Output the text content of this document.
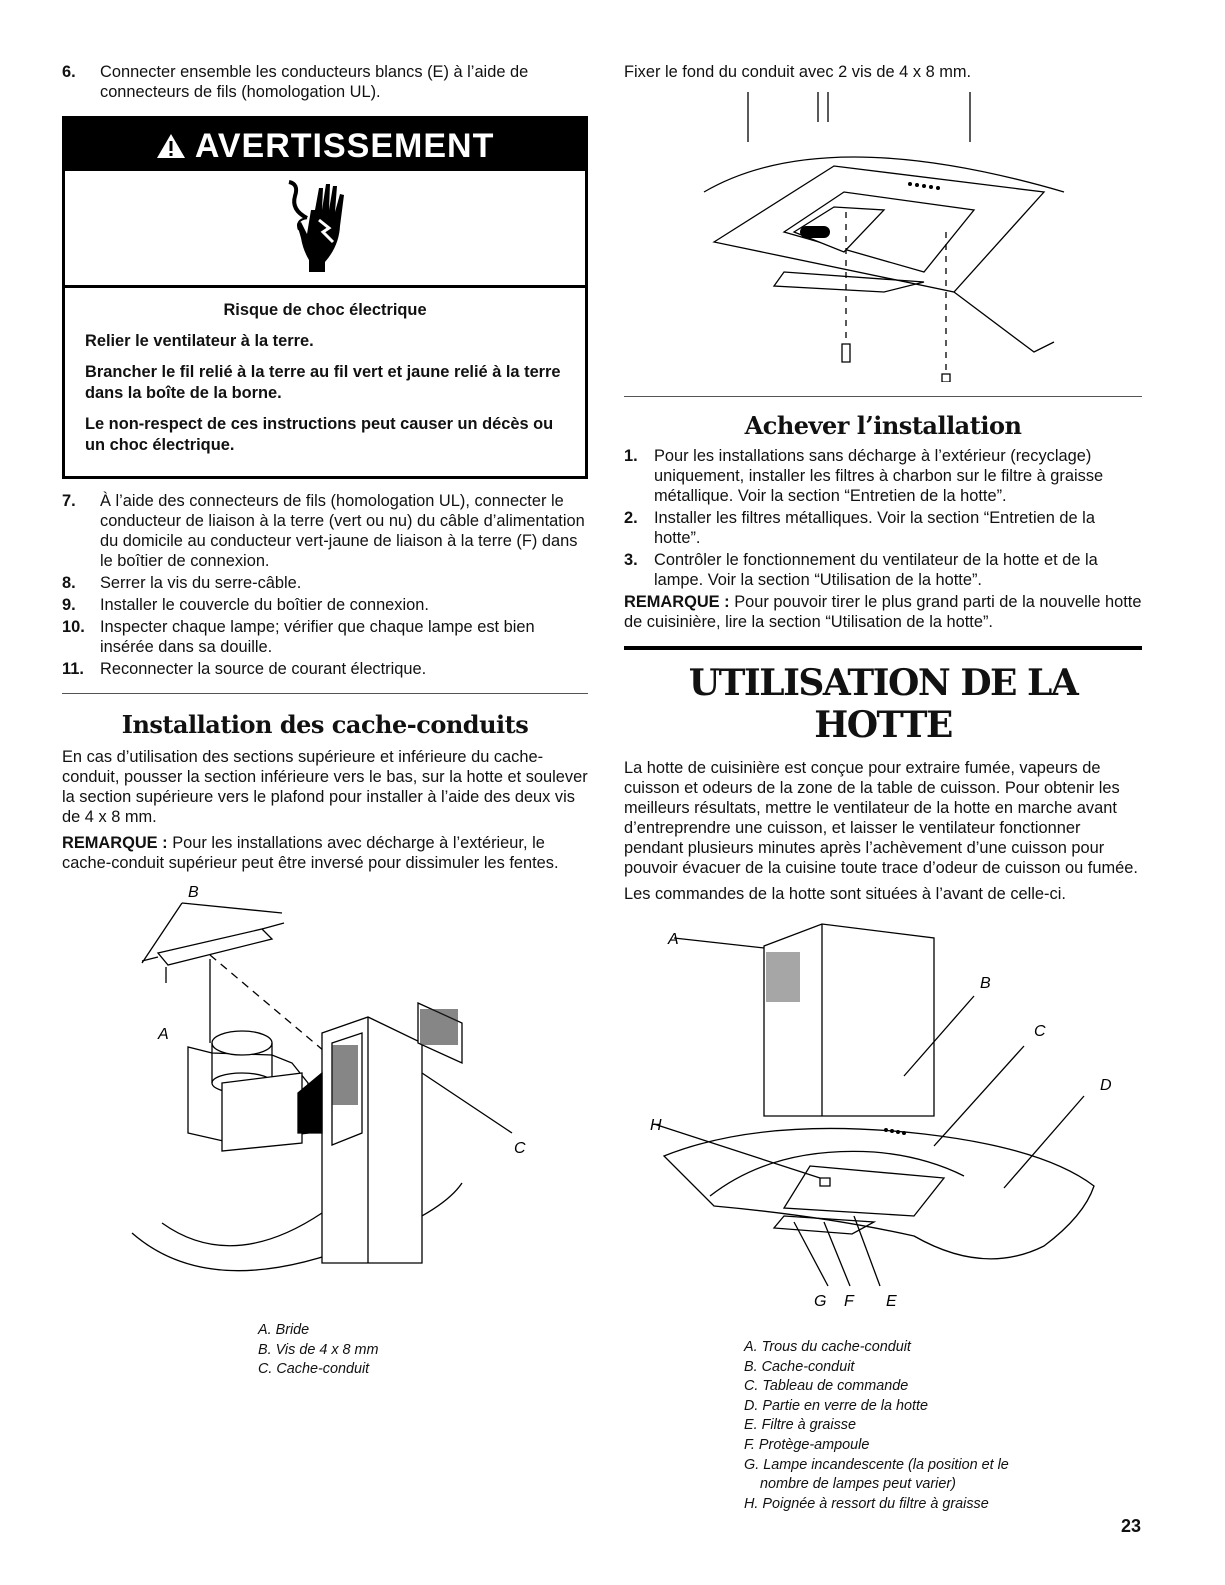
6.	Connecter ensemble les conducteurs blancs (E) à l’aide de connecteurs de fils (homologation UL).
AVERTISSEMENT

Risque de choc électrique

Relier le ventilateur à la terre.

Brancher le fil relié à la terre au fil vert et jaune relié à la terre dans la boîte de la borne.

Le non-respect de ces instructions peut causer un décès ou un choc électrique.

7.	À l’aide des connecteurs de fils (homologation UL), connecter le conducteur de liaison à la terre (vert ou nu) du câble d’alimentation du domicile au conducteur vert-jaune de liaison à la terre (F) dans le boîtier de connexion.
8.	Serrer la vis du serre-câble.
9.	Installer le couvercle du boîtier de connexion.
10. Inspecter chaque lampe; vérifier que chaque lampe est bien insérée dans sa douille.
11. Reconnecter la source de courant électrique.
Installation des cache-conduits

En cas d’utilisation des sections supérieure et inférieure du cache-conduit, pousser la section inférieure vers le bas, sur la hotte et soulever la section supérieure vers le plafond pour installer à l’aide des deux vis de 4 x 8 mm.

REMARQUE : Pour les installations avec décharge à l’extérieur, le cache-conduit supérieur peut être inversé pour dissimuler les fentes.

B
A
C
A. Bride
B. Vis de 4 x 8 mm
C. Cache-conduit

Fixer le fond du conduit avec 2 vis de 4 x 8 mm.

Achever l’installation
1. Pour les installations sans décharge à l’extérieur (recyclage) uniquement, installer les filtres à charbon sur le filtre à graisse métallique. Voir la section “Entretien de la hotte”.
2. Installer les filtres métalliques. Voir la section “Entretien de la hotte”.
3. Contrôler le fonctionnement du ventilateur de la hotte et de la lampe. Voir la section “Utilisation de la hotte”.

REMARQUE : Pour pouvoir tirer le plus grand parti de la nouvelle hotte de cuisinière, lire la section “Utilisation de la hotte”.

UTILISATION DE LA HOTTE

La hotte de cuisinière est conçue pour extraire fumée, vapeurs de cuisson et odeurs de la zone de la table de cuisson. Pour obtenir les meilleurs résultats, mettre le ventilateur de la hotte en marche avant d’entreprendre une cuisson, et laisser le ventilateur fonctionner pendant plusieurs minutes après l’achèvement d’une cuisson pour pouvoir évacuer de la cuisine toute trace d’odeur de cuisson ou fumée.

Les commandes de la hotte sont situées à l’avant de celle-ci.

A
B
C
D
E
F
G
H
A. Trous du cache-conduit
B. Cache-conduit
C. Tableau de commande
D. Partie en verre de la hotte
E. Filtre à graisse
F. Protège-ampoule
G. Lampe incandescente (la position et le
nombre de lampes peut varier)
H. Poignée à ressort du filtre à graisse
23
